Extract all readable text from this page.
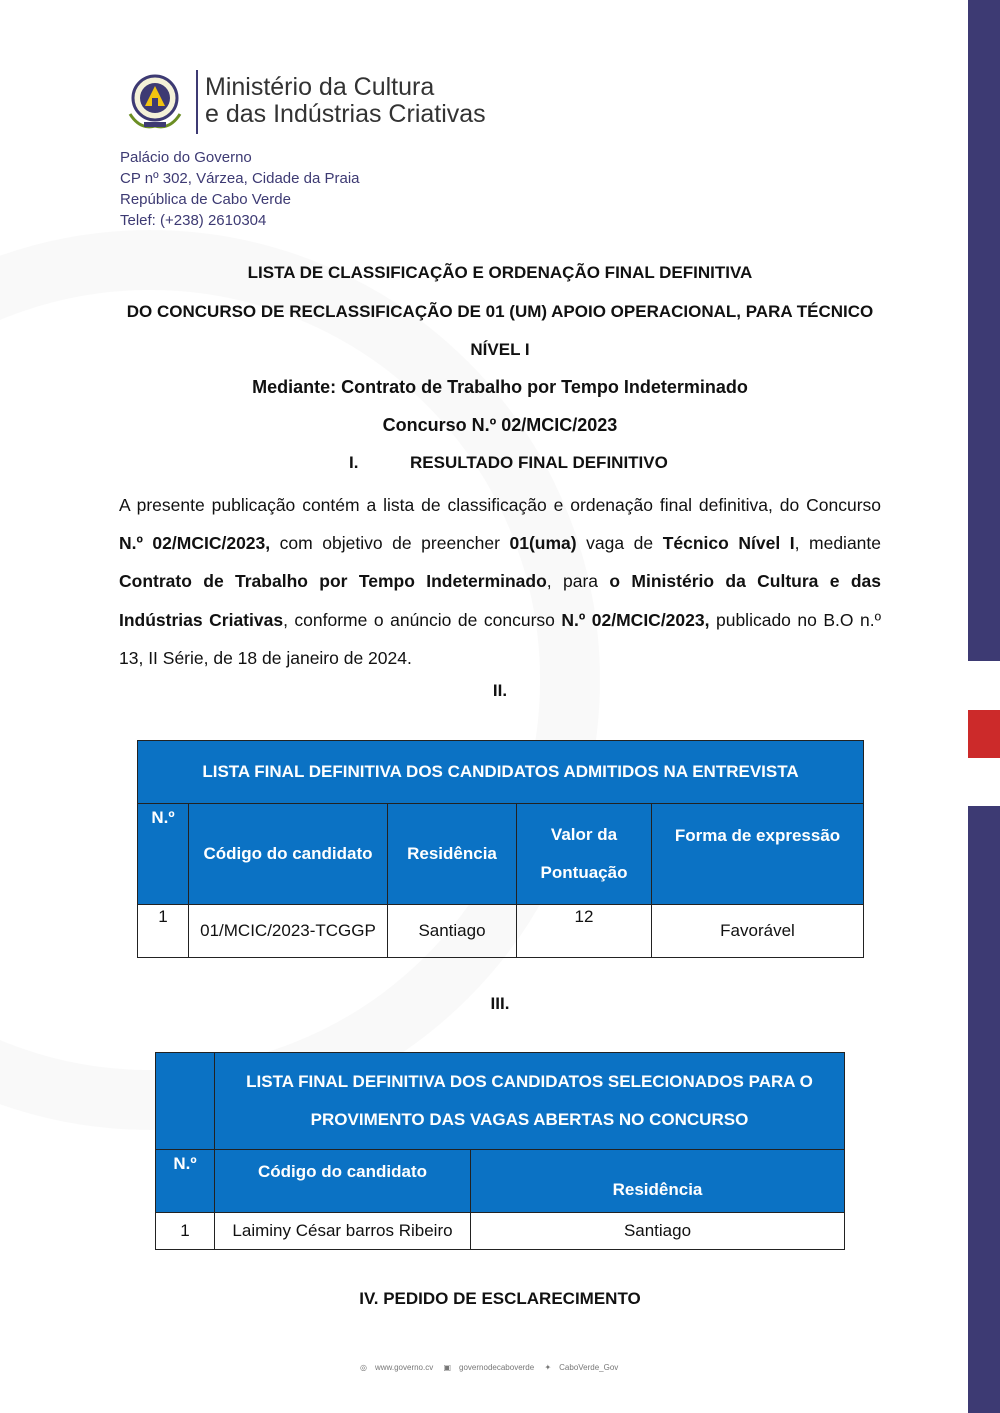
Ministério da Cultura
e das Indústrias Criativas
Palácio do Governo
CP nº 302, Várzea, Cidade da Praia
República de Cabo Verde
Telef: (+238) 2610304
LISTA DE CLASSIFICAÇÃO E ORDENAÇÃO FINAL DEFINITIVA
DO CONCURSO DE RECLASSIFICAÇÃO DE 01 (UM) APOIO OPERACIONAL, PARA TÉCNICO
NÍVEL I
Mediante: Contrato de Trabalho por Tempo Indeterminado
Concurso N.º 02/MCIC/2023
I.	RESULTADO FINAL DEFINITIVO
A presente publicação contém a lista de classificação e ordenação final definitiva, do Concurso N.º 02/MCIC/2023, com objetivo de preencher 01(uma) vaga de Técnico Nível I, mediante Contrato de Trabalho por Tempo Indeterminado, para o Ministério da Cultura e das Indústrias Criativas, conforme o anúncio de concurso N.º 02/MCIC/2023, publicado no B.O n.º 13, II Série, de 18 de janeiro de 2024.
II.
LISTA FINAL DEFINITIVA DOS CANDIDATOS ADMITIDOS NA ENTREVISTA				
N.º	Código do candidato	Residência	Valor da Pontuação	Forma de expressão
1	01/MCIC/2023-TCGGP	Santiago	12	Favorável
III.
	LISTA FINAL DEFINITIVA DOS CANDIDATOS SELECIONADOS PARA O PROVIMENTO DAS VAGAS ABERTAS NO CONCURSO	
N.º	Código do candidato	Residência
1	Laiminy César barros Ribeiro	Santiago
IV. PEDIDO DE ESCLARECIMENTO
◎ www.governo.cv ▣ governodecaboverde ✦ CaboVerde_Gov
